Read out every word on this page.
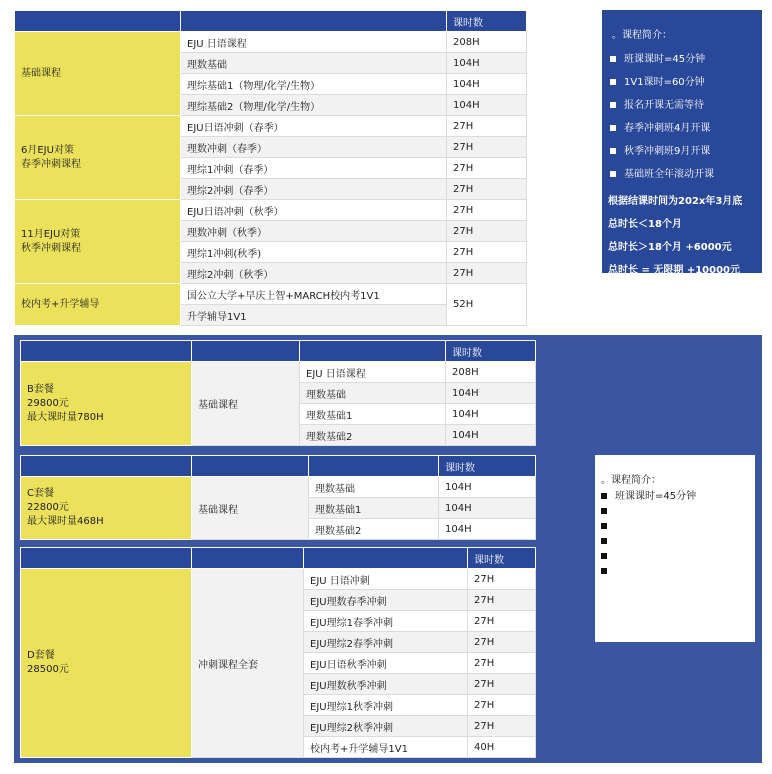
		课时数
基础课程	EJU 日语课程	208H
	理数基础	104H
	理综基础1（物理/化学/生物）	104H
	理综基础2（物理/化学/生物）	104H
6月EJU对策
春季冲刺课程	EJU日语冲刺（春季）	27H
	理数冲刺（春季）	27H
	理综1冲刺（春季）	27H
	理综2冲刺（春季）	27H
11月EJU对策
秋季冲刺课程	EJU日语冲刺（秋季）	27H
	理数冲刺（秋季）	27H
	理综1冲刺(秋季)	27H
	理综2冲刺（秋季）	27H
校内考+升学辅导	国公立大学+早庆上智+MARCH校内考1V1	52H
	升学辅导1V1	
。课程简介：
班课课时=45分钟
1V1课时=60分钟
报名开课无需等待
春季冲刺班4月开课
秋季冲刺班9月开课
基础班全年滚动开课
根据结课时间为202x年3月底
总时长＜18个月
总时长＞18个月 +6000元
总时长 = 无限期 +10000元
			课时数
B套餐
29800元
最大课时量780H	基础课程	EJU 日语课程	208H
		理数基础	104H
		理数基础1	104H
		理数基础2	104H
			课时数
C套餐
22800元
最大课时量468H	基础课程	理数基础	104H
		理数基础1	104H
		理数基础2	104H
			课时数
D套餐
28500元	冲刺课程全套	EJU 日语冲刺	27H
		EJU理数春季冲刺	27H
		EJU理综1春季冲刺	27H
		EJU理综2春季冲刺	27H
		EJU日语秋季冲刺	27H
		EJU理数秋季冲刺	27H
		EJU理综1秋季冲刺	27H
		EJU理综2秋季冲刺	27H
		校内考+升学辅导1V1	40H
。课程简介：
班课课时=45分钟
